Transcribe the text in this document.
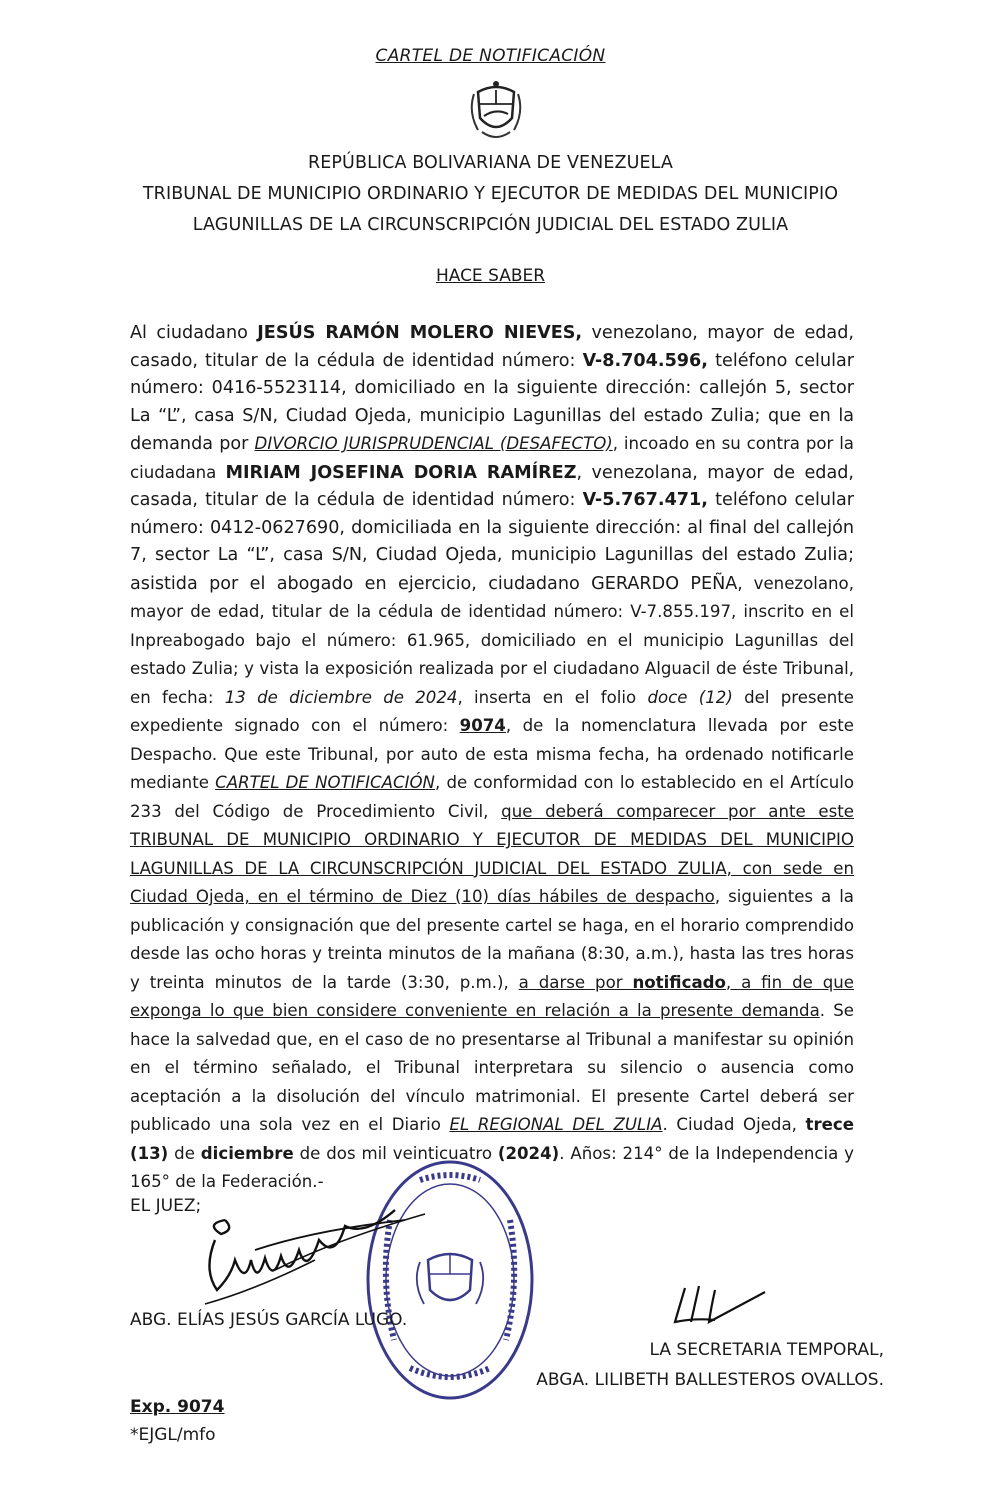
CARTEL DE NOTIFICACIÓN
REPÚBLICA BOLIVARIANA DE VENEZUELA
TRIBUNAL DE MUNICIPIO ORDINARIO Y EJECUTOR DE MEDIDAS DEL MUNICIPIO
LAGUNILLAS DE LA CIRCUNSCRIPCIÓN JUDICIAL DEL ESTADO ZULIA
HACE SABER

Al ciudadano JESÚS RAMÓN MOLERO NIEVES, venezolano, mayor de edad, casado, titular de la cédula de identidad número: V-8.704.596, teléfono celular número: 0416-5523114, domiciliado en la siguiente dirección: callejón 5, sector La “L”, casa S/N, Ciudad Ojeda, municipio Lagunillas del estado Zulia; que en la demanda por DIVORCIO JURISPRUDENCIAL (DESAFECTO), incoado en su contra por la ciudadana MIRIAM JOSEFINA DORIA RAMÍREZ, venezolana, mayor de edad, casada, titular de la cédula de identidad número: V-5.767.471, teléfono celular número: 0412-0627690, domiciliada en la siguiente dirección: al final del callejón 7, sector La “L”, casa S/N, Ciudad Ojeda, municipio Lagunillas del estado Zulia; asistida por el abogado en ejercicio, ciudadano GERARDO PEÑA, venezolano, mayor de edad, titular de la cédula de identidad número: V-7.855.197, inscrito en el Inpreabogado bajo el número: 61.965, domiciliado en el municipio Lagunillas del estado Zulia; y vista la exposición realizada por el ciudadano Alguacil de éste Tribunal, en fecha: 13 de diciembre de 2024, inserta en el folio doce (12) del presente expediente signado con el número: 9074, de la nomenclatura llevada por este Despacho. Que este Tribunal, por auto de esta misma fecha, ha ordenado notificarle mediante CARTEL DE NOTIFICACIÓN, de conformidad con lo establecido en el Artículo 233 del Código de Procedimiento Civil, que deberá comparecer por ante este TRIBUNAL DE MUNICIPIO ORDINARIO Y EJECUTOR DE MEDIDAS DEL MUNICIPIO LAGUNILLAS DE LA CIRCUNSCRIPCIÓN JUDICIAL DEL ESTADO ZULIA, con sede en Ciudad Ojeda, en el término de Diez (10) días hábiles de despacho, siguientes a la publicación y consignación que del presente cartel se haga, en el horario comprendido desde las ocho horas y treinta minutos de la mañana (8:30, a.m.), hasta las tres horas y treinta minutos de la tarde (3:30, p.m.), a darse por notificado, a fin de que exponga lo que bien considere conveniente en relación a la presente demanda. Se hace la salvedad que, en el caso de no presentarse al Tribunal a manifestar su opinión en el término señalado, el Tribunal interpretara su silencio o ausencia como aceptación a la disolución del vínculo matrimonial. El presente Cartel deberá ser publicado una sola vez en el Diario EL REGIONAL DEL ZULIA. Ciudad Ojeda, trece (13) de diciembre de dos mil veinticuatro (2024). Años: 214° de la Independencia y 165° de la Federación.-

EL JUEZ;
ABG. ELÍAS JESÚS GARCÍA LUGO.
LA SECRETARIA TEMPORAL,
ABGA. LILIBETH BALLESTEROS OVALLOS.
Exp. 9074
*EJGL/mfo
